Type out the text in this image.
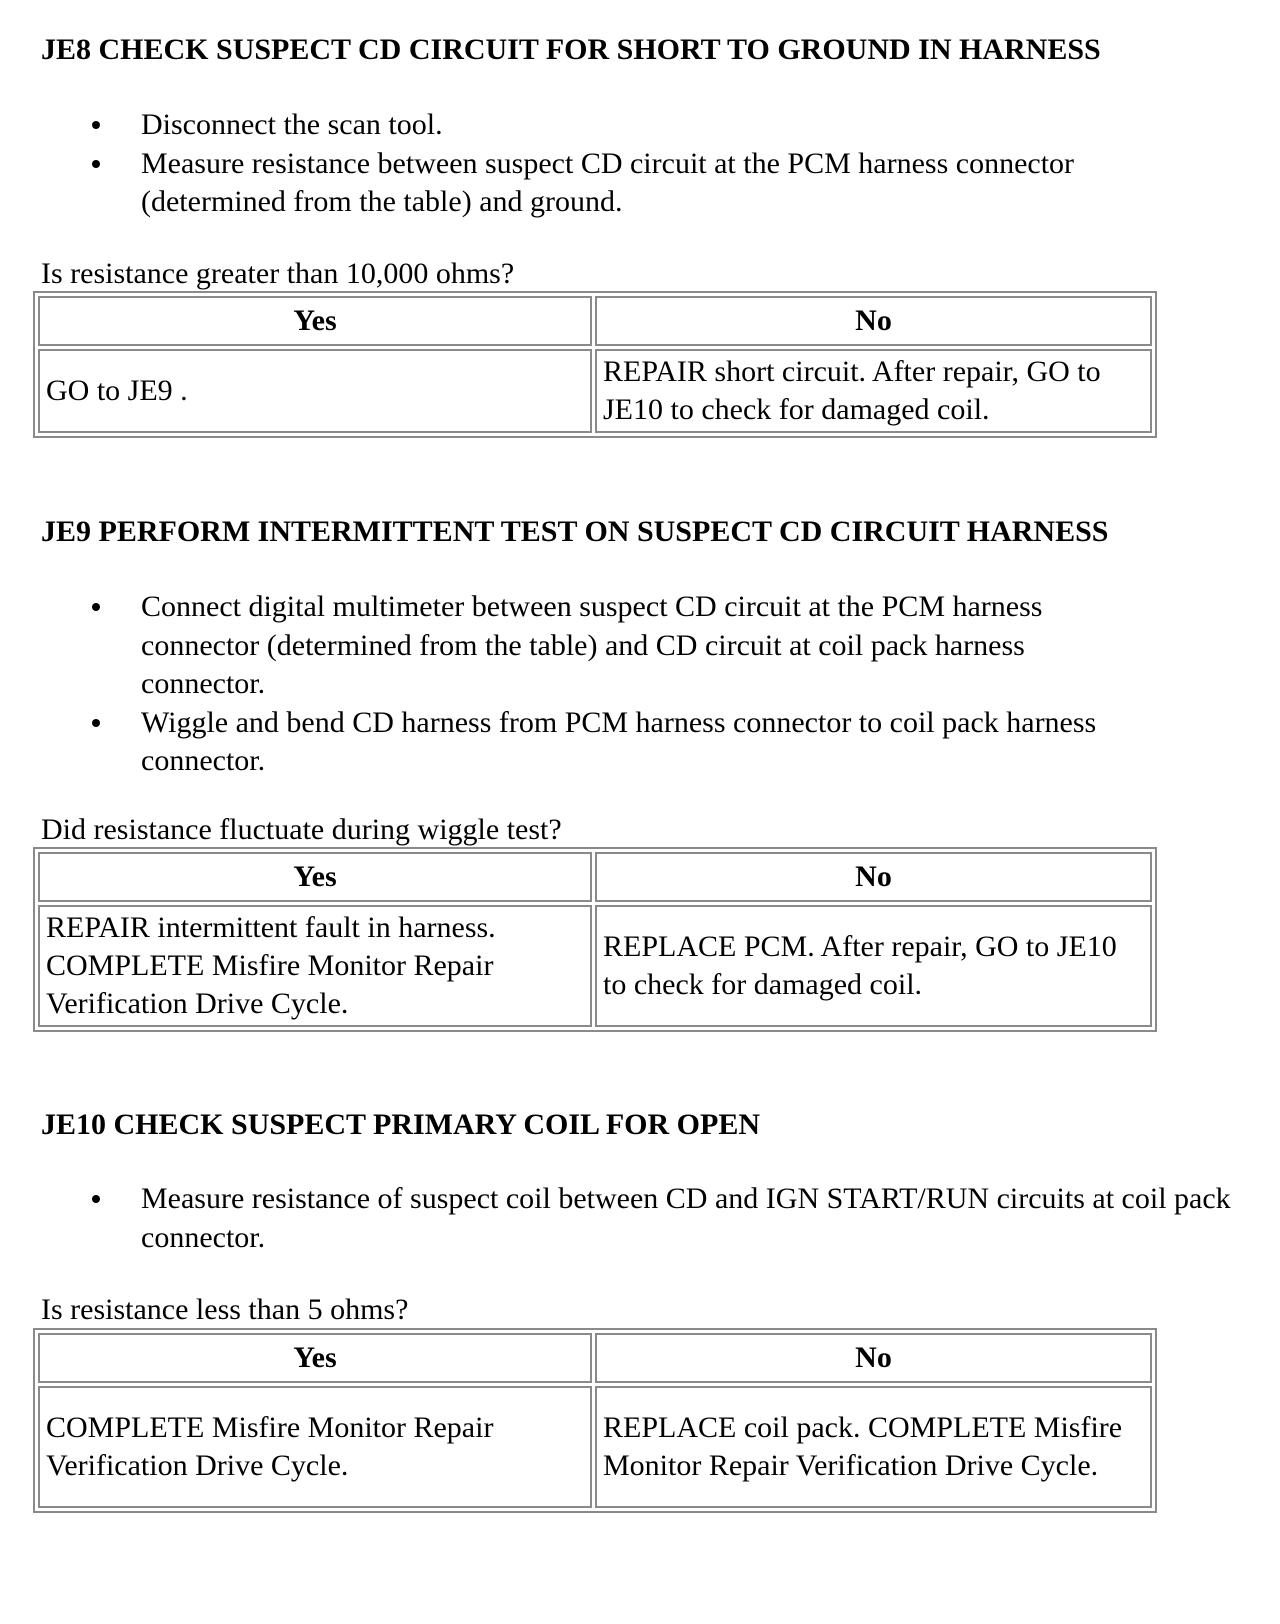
JE8 CHECK SUSPECT CD CIRCUIT FOR SHORT TO GROUND IN HARNESS
Disconnect the scan tool.
Measure resistance between suspect CD circuit at the PCM harness connector (determined from the table) and ground.
Is resistance greater than 10,000 ohms?
Yes	No
GO to JE9 .	REPAIR short circuit. After repair, GO to JE10 to check for damaged coil.
JE9 PERFORM INTERMITTENT TEST ON SUSPECT CD CIRCUIT HARNESS
Connect digital multimeter between suspect CD circuit at the PCM harness connector (determined from the table) and CD circuit at coil pack harness connector.
Wiggle and bend CD harness from PCM harness connector to coil pack harness connector.
Did resistance fluctuate during wiggle test?
Yes	No
REPAIR intermittent fault in harness. COMPLETE Misfire Monitor Repair Verification Drive Cycle.	REPLACE PCM. After repair, GO to JE10 to check for damaged coil.
JE10 CHECK SUSPECT PRIMARY COIL FOR OPEN
Measure resistance of suspect coil between CD and IGN START/RUN circuits at coil pack connector.
Is resistance less than 5 ohms?
Yes	No
COMPLETE Misfire Monitor Repair Verification Drive Cycle.	REPLACE coil pack. COMPLETE Misfire Monitor Repair Verification Drive Cycle.
